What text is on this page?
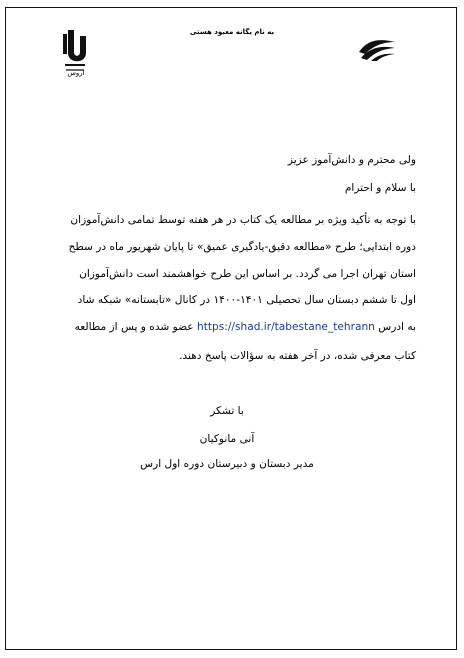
به نام یگانه معبود هستی
اروس
ولی محترم و دانش‌آموز عزیز
با سلام و احترام
با توجه به تأکید ویژه بر مطالعه یک کتاب در هر هفته توسط تمامی دانش‌آموزان
دوره ابتدایی؛ طرح «مطالعه دقیق-یادگیری عمیق» تا پایان شهریور ماه در سطح
استان تهران اجرا می گردد. بر اساس این طرح خواهشمند است دانش‌آموزان
اول تا ششم دبستان سال تحصیلی ۱۴۰۱-۱۴۰۰ در کانال «تابستانه» شبکه شاد
به ادرس https://shad.ir/tabestane_tehrann عضو شده و پس از مطالعه
کتاب معرفی شده، در آخر هفته به سؤالات پاسخ دهند.
با تشکر
آنی مانوکیان
مدیر دبستان و دبیرستان دوره اول ارس
